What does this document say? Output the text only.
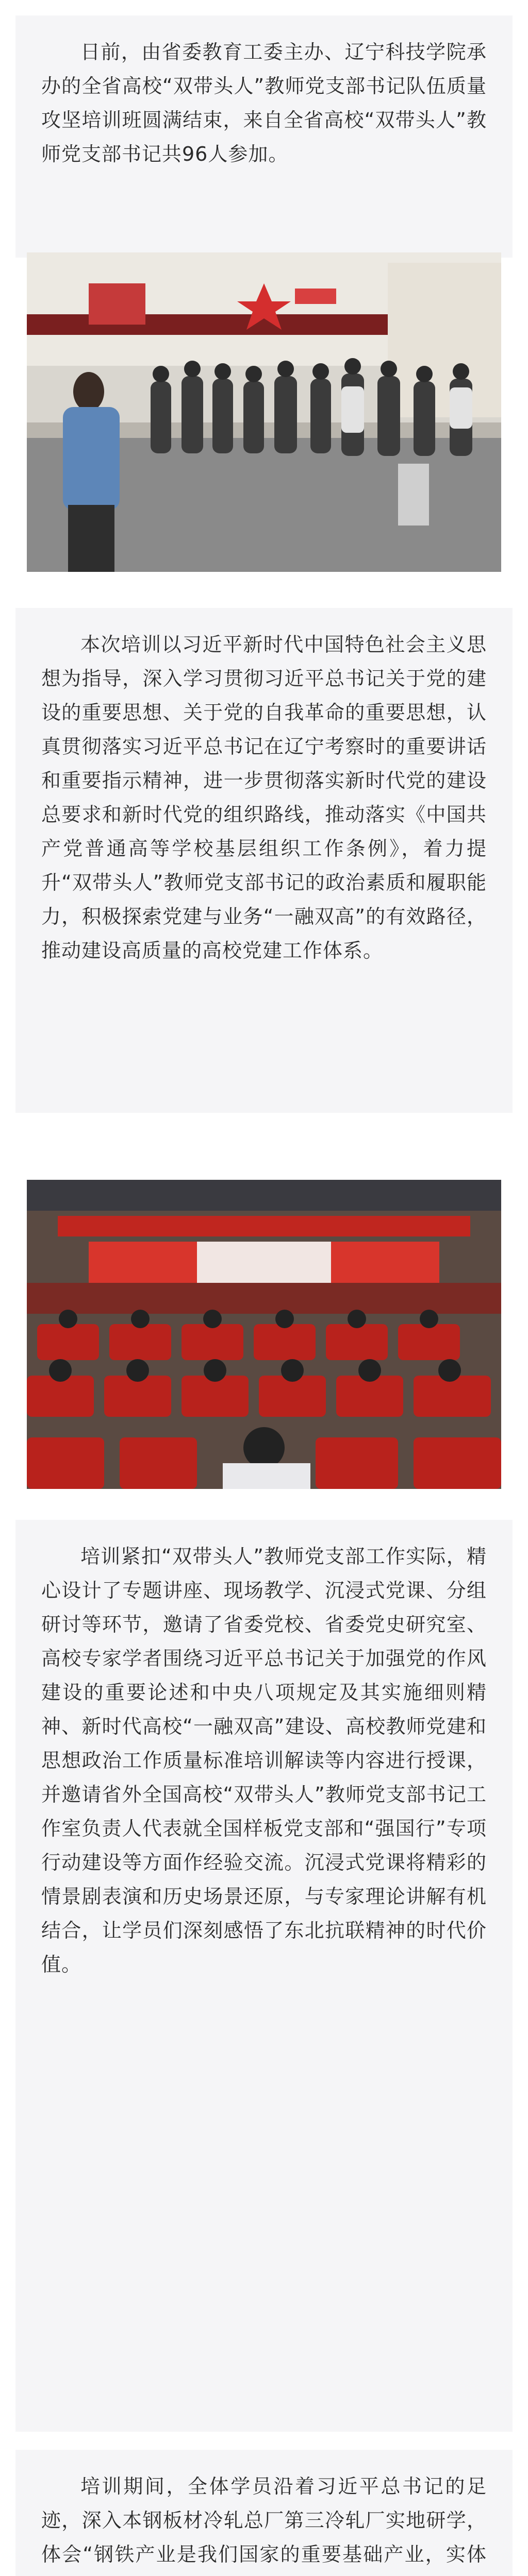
日前，由省委教育工委主办、辽宁科技学院承办的全省高校“双带头人”教师党支部书记队伍质量攻坚培训班圆满结束，来自全省高校“双带头人”教师党支部书记共96人参加。

本次培训以习近平新时代中国特色社会主义思想为指导，深入学习贯彻习近平总书记关于党的建设的重要思想、关于党的自我革命的重要思想，认真贯彻落实习近平总书记在辽宁考察时的重要讲话和重要指示精神，进一步贯彻落实新时代党的建设总要求和新时代党的组织路线，推动落实《中国共产党普通高等学校基层组织工作条例》，着力提升“双带头人”教师党支部书记的政治素质和履职能力，积极探索党建与业务“一融双高”的有效路径，推动建设高质量的高校党建工作体系。

培训紧扣“双带头人”教师党支部工作实际，精心设计了专题讲座、现场教学、沉浸式党课、分组研讨等环节，邀请了省委党校、省委党史研究室、高校专家学者围绕习近平总书记关于加强党的作风建设的重要论述和中央八项规定及其实施细则精神、新时代高校“一融双高”建设、高校教师党建和思想政治工作质量标准培训解读等内容进行授课，并邀请省外全国高校“双带头人”教师党支部书记工作室负责人代表就全国样板党支部和“强国行”专项行动建设等方面作经验交流。沉浸式党课将精彩的情景剧表演和历史场景还原，与专家理论讲解有机结合，让学员们深刻感悟了东北抗联精神的时代价值。

培训期间，全体学员沿着习近平总书记的足迹，深入本钢板材冷轧总厂第三冷轧厂实地研学，体会“钢铁产业是我们国家的重要基础产业，实体
